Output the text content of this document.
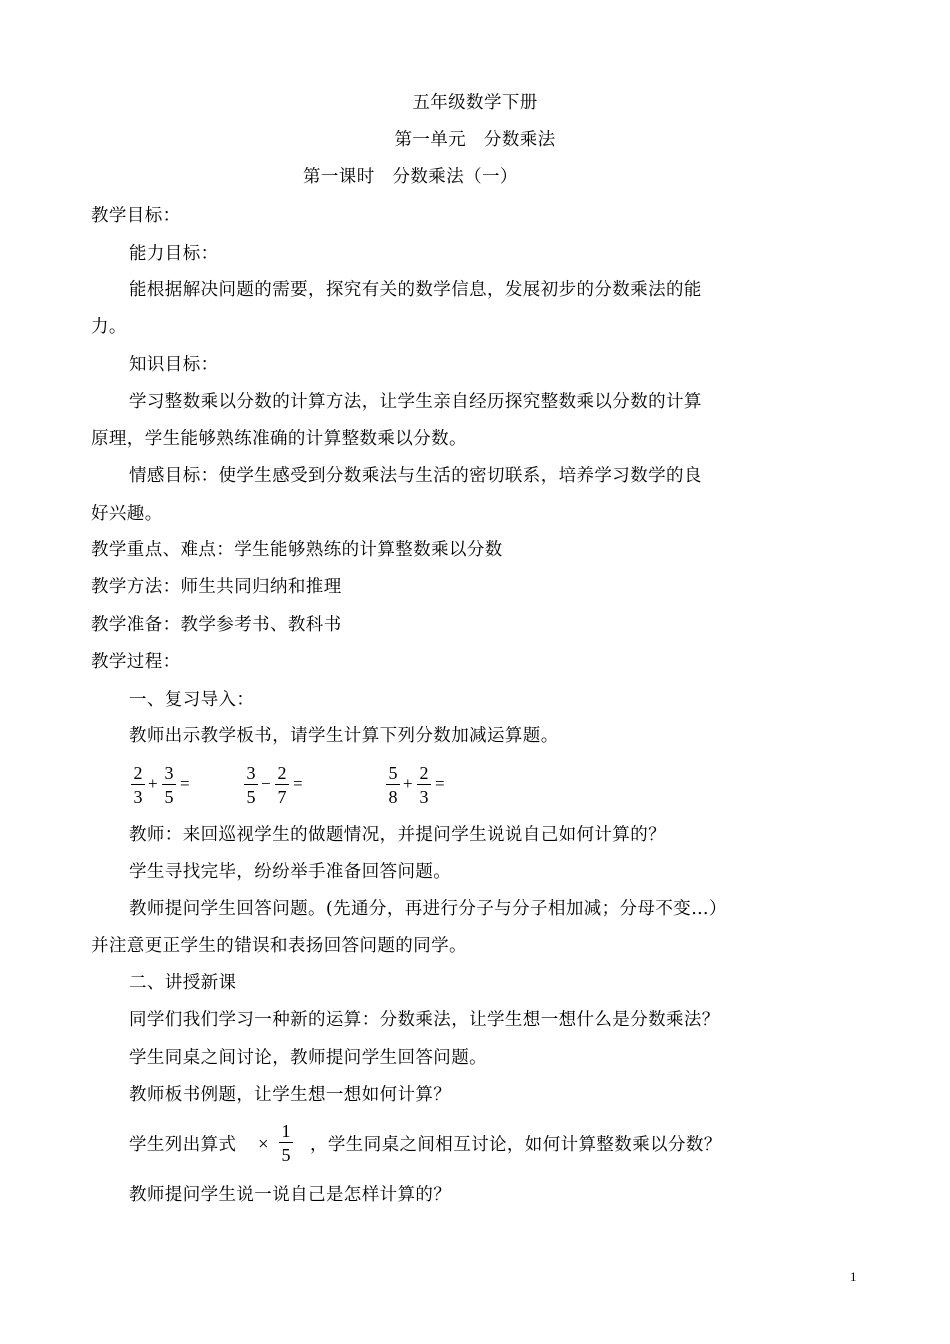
五年级数学下册
第一单元　分数乘法
第一课时　分数乘法（一）
教学目标：
能力目标：
能根据解决问题的需要，探究有关的数学信息，发展初步的分数乘法的能
力。
知识目标：
学习整数乘以分数的计算方法，让学生亲自经历探究整数乘以分数的计算
原理，学生能够熟练准确的计算整数乘以分数。
情感目标：使学生感受到分数乘法与生活的密切联系，培养学习数学的良
好兴趣。
教学重点、难点：学生能够熟练的计算整数乘以分数
教学方法：师生共同归纳和推理
教学准备：教学参考书、教科书
教学过程：
一、复习导入：
教师出示教学板书，请学生计算下列分数加减运算题。
2
3
+
3
5
=
3
5
−
2
7
=
5
8
+
2
3
=
教师：来回巡视学生的做题情况，并提问学生说说自己如何计算的？
学生寻找完毕，纷纷举手准备回答问题。
教师提问学生回答问题。(先通分，再进行分子与分子相加减；分母不变…）
并注意更正学生的错误和表扬回答问题的同学。
二、讲授新课
同学们我们学习一种新的运算：分数乘法，让学生想一想什么是分数乘法？
学生同桌之间讨论，教师提问学生回答问题。
教师板书例题，让学生想一想如何计算？
学生列出算式 ×
1
5 ，学生同桌之间相互讨论，如何计算整数乘以分数？
教师提问学生说一说自己是怎样计算的？
1
